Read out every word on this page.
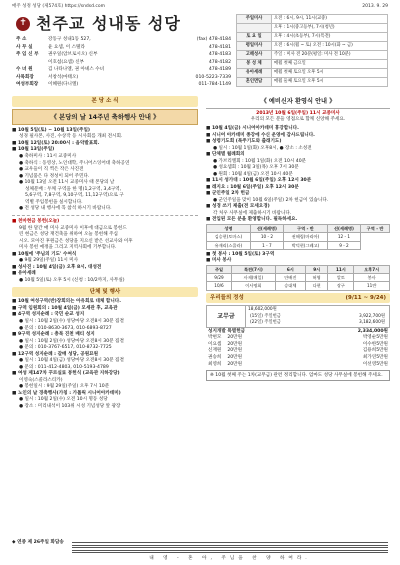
매주 성정 성당 (제574호) https://sndsd.com	2013. 9. 29
✝ 천주교 성내동 성당
주 소	강동구 성내1동 527,	(fax) 478-4184
사 무 실	윤 요셉, 이 스텔라	478-4181
주 임 신 부	권우일(암브로시오) 신부	478-4183
이호섭(요셉) 신부	478-4182
수 녀 원	김 나타나엘, 권 아녜스 수녀	478-4189
사목회장	서창석(마태오)	010-5223-7339
여성부회장	이혜원(다니엘)	011-784-1149
주일미사	오전 : 6시, 9시, 11시(교중)
	오후 : 1시(중고등부), 7시(청년)
토 요 일	오후 : 4시(초등부), 7시(특전)
평일미사	오전 : 6시(월 ~ 토) 오전 : 10시(화 ~ 금)
고해성사	주일 : 미사 전 20분(평일: 미사 전 10분)
봉 성 체	매월 첫째 금요일
유아세례	매월 첫째 토요일 오후 5시
혼인면담	매월 둘째 토요일 오후 5시
본 당 소 식
《 본당의 날 14주년 축하행사 안내 》
■ 10월 5일(토) ~ 10월 13일(주일)
성경 필사본, 사진, 수상작 등 시사회를 개최 전시회.
■ 10월 12일(토) 20:00시 : 음악발표회.
■ 10월 13일(주일)
● 축하미사 : 11시 교중미사
● 축하식 : 동영상, 노인대학, 주니어스잉어대 축하공연
● 교우들이 직 찍은 작은 사진전
● 기념품은 다 정성이 되어 주민다.
● 10월 13일 오전 11시 교중미사 때 본당의 날
성체분배 : 두께 구역을 한 명(1,2구역, 3,4구역,
5,6구역, 7,8구역, 9,10구역, 11,12구역)으로 구
역별 주임봉헌을 실시합니다.
● 전 성당 내 행사에 꼭 참석 하시기 바랍니다.
■ 천마현금 봉헌(오늘)
9월 한 달간 매 미사 교중미사 이후에 대금으로 봉헌드
린 현금은 성당 재건축을 위하여 오늘 봉헌해 주십
시오. 모아진 후원금은 성당을 지으신 받은 선교사와 이후
미사 봉헌 예정을 그리고 지역사회에 기부합니다.
■ 10월에 '주님의 기도' 수여식
● 9월 29일(주일) 11시 미사
■ 성사진 : 10월 4일(금) 오후 8시, 대성전
■ 유아세례
● 10월 5일(토) 오후 5시 (신청 : 10/2까지, 사무실)
단체 및 행사
■ 10월 여성구역(반)장회의는 아유회로 대체 합니다.
■ 구역 임원회의 : 10월 4일(금) 모세관 후, 교육관
■ 4구역 성지순례 : 국민 순교 성지
● 일시 : 10월 2일(수) 성당마당 오전8시 30분 집결
● 문의 : 010-8630-3673, 010-6893-8727
■ 9구역 성지순례 : 충북 진천 배티 성지
● 일시 : 10월 2일(수) 성당마당 오전8시 30분 집결
● 문의 : 010-3767-6517, 010-8732-7725
■ 12구역 성지순례 : 갈매 성당, 공원묘원
● 일시 : 10월 4일(금) 성당마당 오전8시 30분 집결
● 문의 : 011-412-4803, 010-5193-4789
■ 여성 제147차 꾸르실료 봉헌식 (교육관 지하강당)
이영숙(스콜라스티카)
● 봉헌일시 : 9월 29일(주일) 오후 7시 10분
■ 노인의 날 경축행사(가칭 : 가톨릭 시니어아카데미)
● 일시 : 10월 2일(수) 오전 10시 명동 성당
● 장소 : 미리내석이 103위 시성 기념성당 앞 광장
《 예비신자 환영식 안내 》
2013년 10월 6일(주일) 11시 교중미사
우리의 모든 분들 영접으로 함께 신앙해 주세요.
■ 10월 4일(금) 시니어아카데미 휴강합니다.
■ 시니어 아카데미 종강에 수신 운영에 감사드립니다.
■ 성령기도회 (목주기도와 출래기도)
● 일시 : 10월 1일(화) 오후8시, ● 장소 : 소성전
■ 단체별 월례회의
● 가브리엘회 : 10월 1일(화) 오전 10시 40분
● 성요셉회 : 10월 3일(목) 오후 7시 30분
● 원회 : 10월 4일(금) 오전 10시 40분
■ 11시 성가대 : 10월 6일(주일) 오후 12시 30분
■ 레지오 : 10월 6일(주일) 오후 12시 30분
■ 군인주일 2차 헌금
● 군인주일을 맞이 10월 6일(주일) 2차 헌금이 있습니다.
■ 성경 쓰기 제출(전 모세오경)
각 처우 사무실에 제출하시기 바랍니다.
■ 전입된 모든 분을 환영합니다. 필독하세요.
성명	선(세례명)	구역 - 반	선(세례명)	구역 - 반
김승현(토마스)	10 - 2	권해림(마리아)	12 - 1	
유재리(스콜라)	1 - 7	박덕현(그레고)	9 - 2	
■ 첫 봉사 : 10월 5일(토) 3구역
■ 미사 봉사
주일	특전(7시)	6시	9시	11시	오후7시
9/29	사제(매일)	안배진	허영	알토	봉사
10/6	이사명회	승대체	다현	장구	11반
우리들의 정성	(9/11 ~ 9/24)
교무금
18,602,000원
(15일) 주일헌금	3,922,700원
(22일) 주일헌금	3,182,600원
성지개발 특별헌금	2,334,000원
박현모	20만원	박영순 5만원
이요셉	20만원	이수한 5만원
신재원	20만원	김용희 5만원
권승희	20만원	최가연 5만원
최영희	20만원	이선영 5만원
※ 10월 첫째 주는 1차(교무금) 관련 정리합니다. 엄마도 성당 사무실에 봉헌해 주세요.
◆ 연중 제 26주일 화답송
내 영 - 혼 아, 주님을 찬 양 하여라.
